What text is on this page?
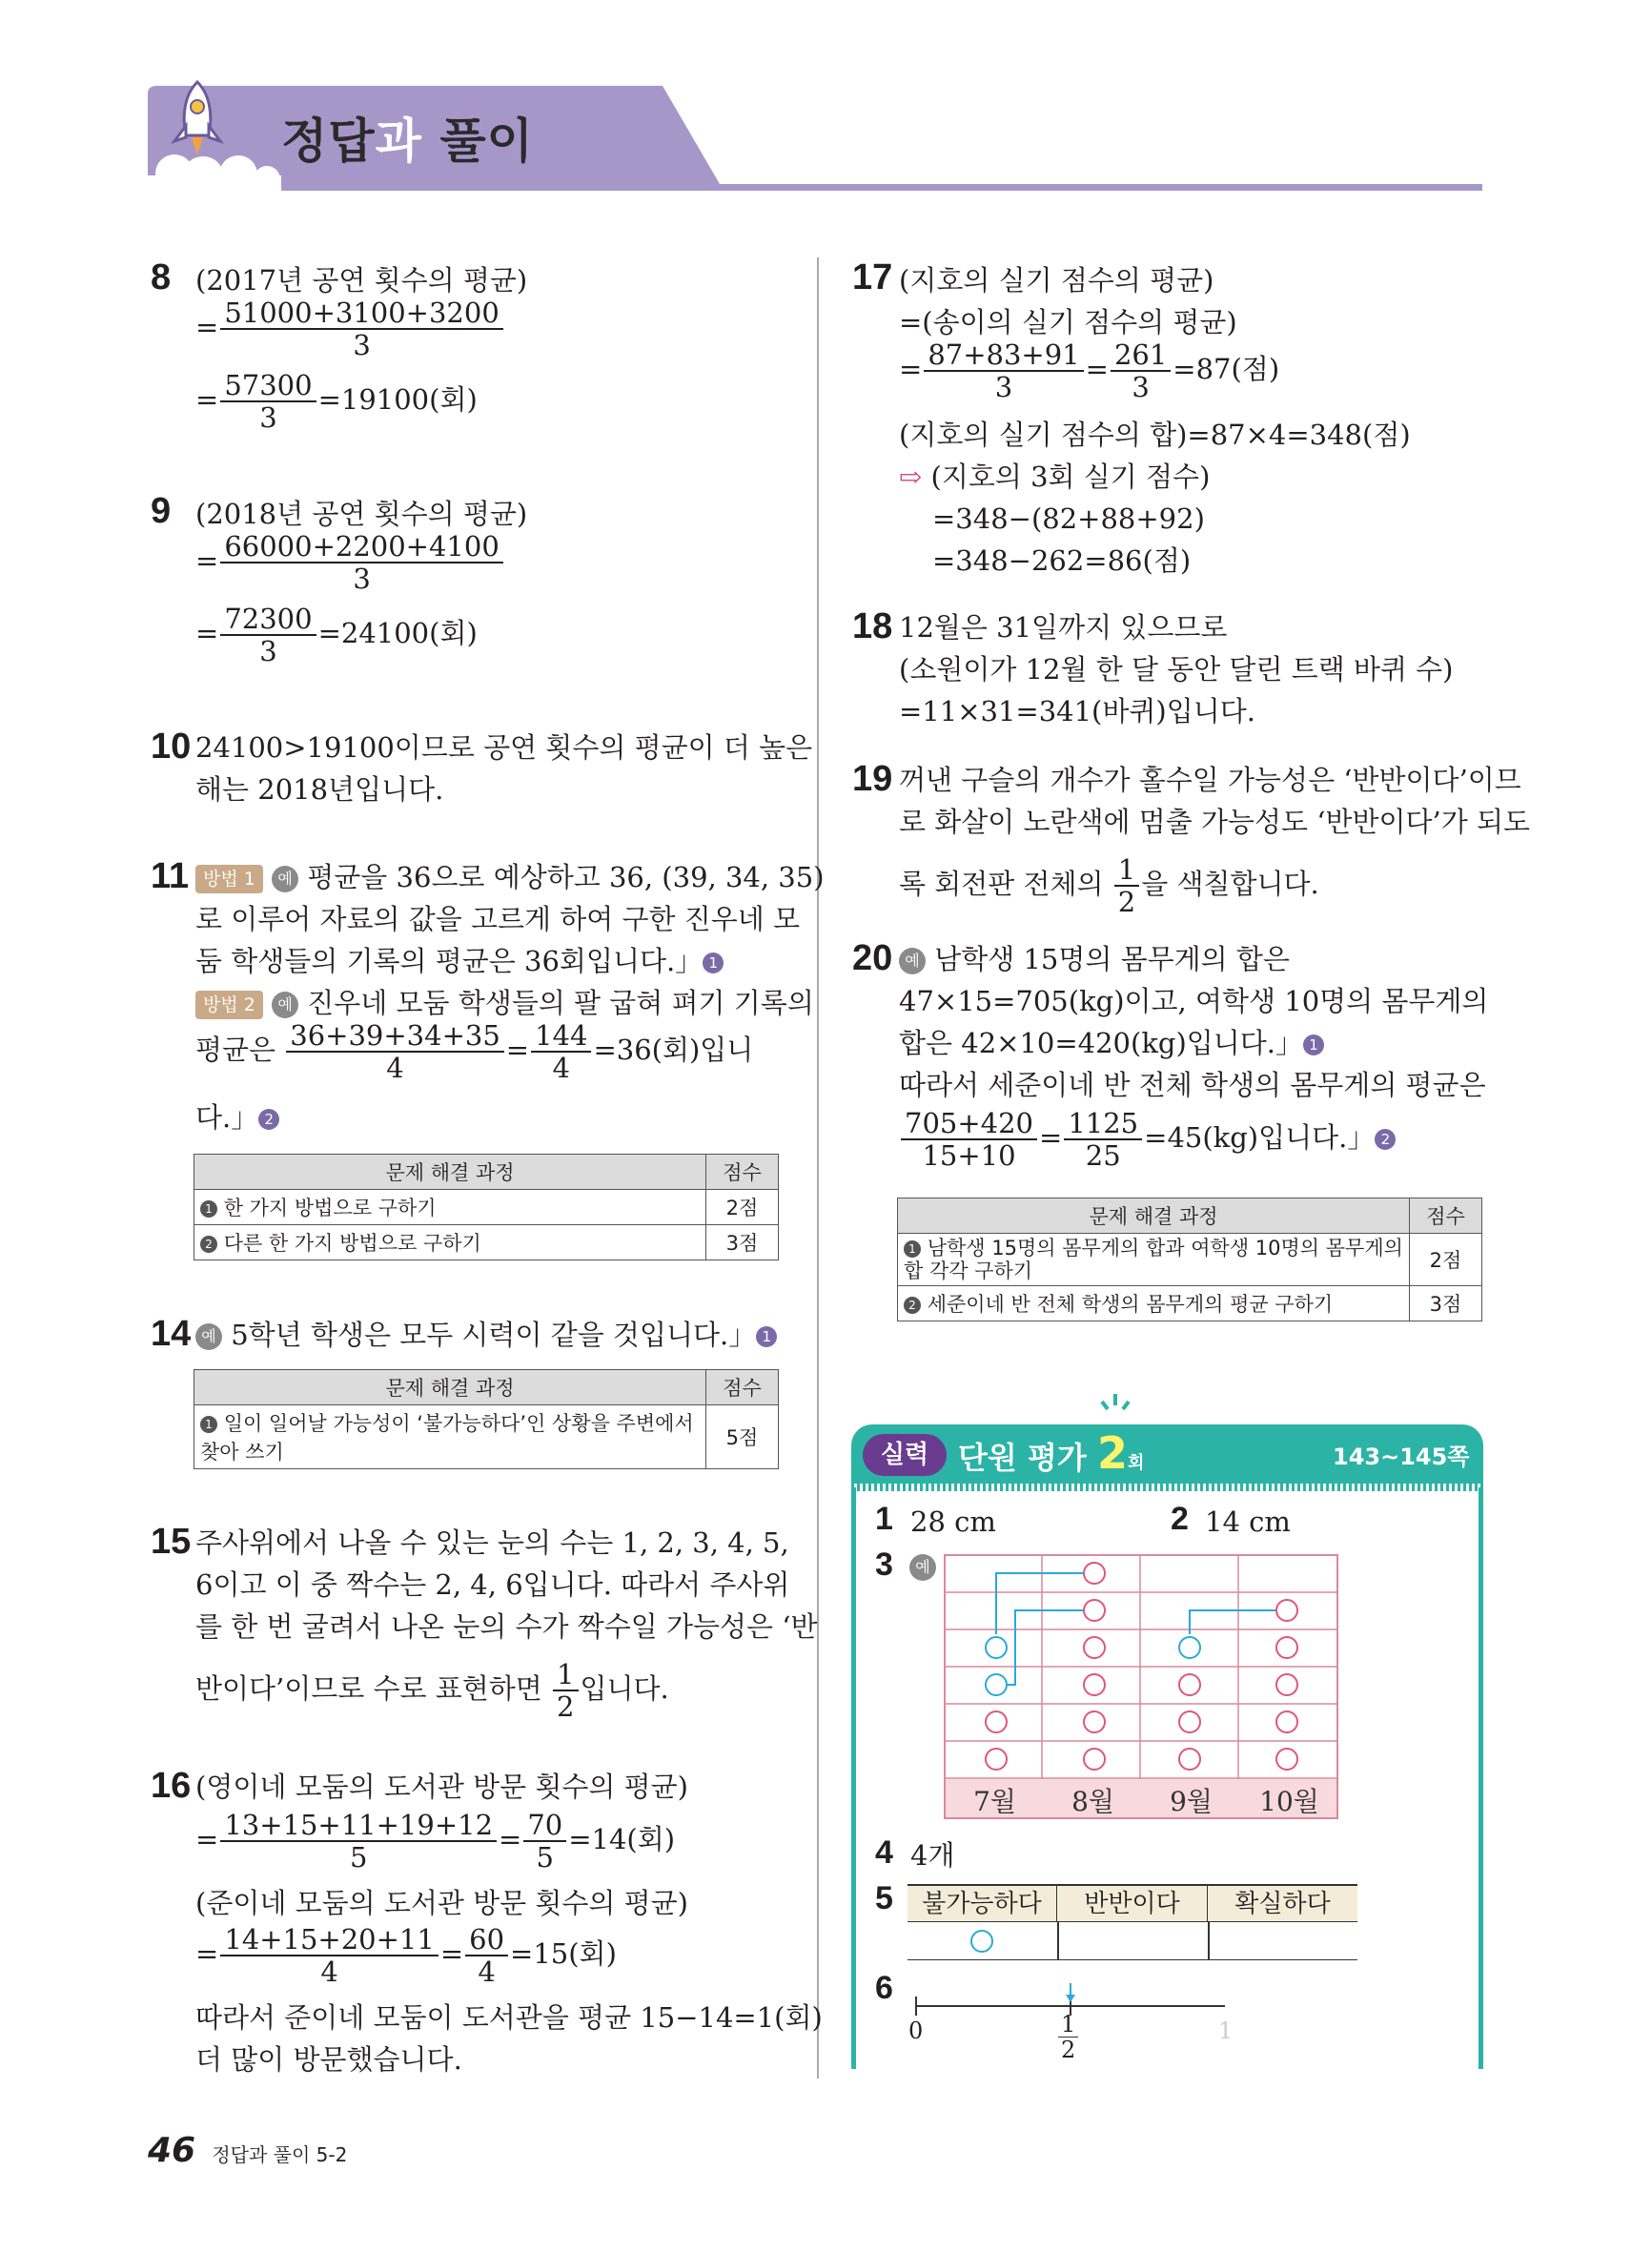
정답과 풀이
8 (2017년 공연 횟수의 평균)
= $\frac{51000+3100+3200}{3}$
= $\frac{57300}{3} =19100$(회)
9 (2018년 공연 횟수의 평균)
= $\frac{66000+2200+4100}{3}$
= $\frac{72300}{3} =24100$(회)
10 24100>19100이므로 공연 횟수의 평균이 더 높은
해는 2018년입니다.
11 방법 1 예 평균을 36으로 예상하고 36, (39, 34, 35)
로 이루어 자료의 값을 고르게 하여 구한 진우네 모
둠 학생들의 기록의 평균은 36회입니다.」 1
방법 2 예 진우네 모둠 학생들의 팔 굽혀 펴기 기록의
평균은 $\frac{36+39+34+35}{4} = \frac{144}{4} =36$(회)입니
다.」 2
문제 해결 과정	점수
1 한 가지 방법으로 구하기	2점
2 다른 한 가지 방법으로 구하기	3점
14 예 5학년 학생은 모두 시력이 같을 것입니다.」 1
문제 해결 과정	점수
1 일이 일어날 가능성이 ‘불가능하다’인 상황을 주변에서 찾아 쓰기	5점
15 주사위에서 나올 수 있는 눈의 수는 1, 2, 3, 4, 5,
6이고 이 중 짝수는 2, 4, 6입니다. 따라서 주사위
를 한 번 굴려서 나온 눈의 수가 짝수일 가능성은 ‘반
반이다’이므로 수로 표현하면 $\frac{1}{2}$ 입니다.
16 (영이네 모둠의 도서관 방문 횟수의 평균)
= $\frac{13+15+11+19+12}{5} = \frac{70}{5} =14$(회)
(준이네 모둠의 도서관 방문 횟수의 평균)
= $\frac{14+15+20+11}{4} = \frac{60}{4} =15$(회)
따라서 준이네 모둠이 도서관을 평균 15−14=1(회)
더 많이 방문했습니다.
17 (지호의 실기 점수의 평균)
=(송이의 실기 점수의 평균)
= $\frac{87+83+91}{3} = \frac{261}{3} =87$(점)
(지호의 실기 점수의 합)=87×4=348(점)
⇨ (지호의 3회 실기 점수)
=348−(82+88+92)
=348−262=86(점)
18 12월은 31일까지 있으므로
(소원이가 12월 한 달 동안 달린 트랙 바퀴 수)
=11×31=341(바퀴)입니다.
19 꺼낸 구슬의 개수가 홀수일 가능성은 ‘반반이다’이므
로 화살이 노란색에 멈출 가능성도 ‘반반이다’가 되도
록 회전판 전체의 $\frac{1}{2}$ 을 색칠합니다.
20 예 남학생 15명의 몸무게의 합은
47×15=705(kg)이고, 여학생 10명의 몸무게의
합은 42×10=420(kg)입니다.」 1
따라서 세준이네 반 전체 학생의 몸무게의 평균은
$\frac{705+420}{15+10} = \frac{1125}{25} =45(kg)$입니다.」 2
문제 해결 과정	점수
1 남학생 15명의 몸무게의 합과 여학생 10명의 몸무게의 합 각각 구하기	2점
2 세준이네 반 전체 학생의 몸무게의 평균 구하기	3점
실력 단원 평가 2회	143~145쪽
1 28 cm	2 14 cm
3	예
7월	8월	9월	10월
4 4개
5	불가능하다	반반이다	확실하다
6
0	1
2
1
46 정답과 풀이 5-2
